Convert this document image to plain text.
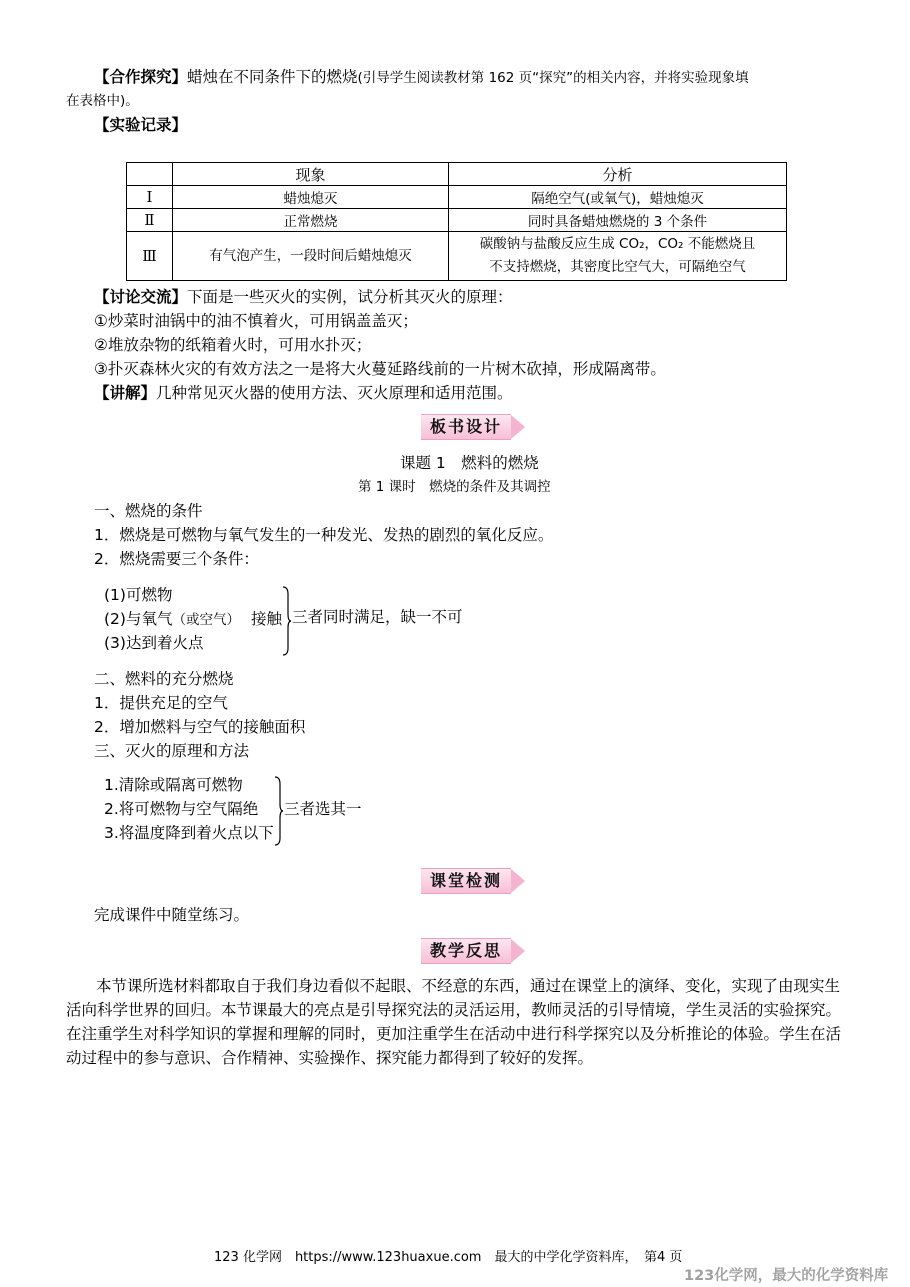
【合作探究】蜡烛在不同条件下的燃烧(引导学生阅读教材第 162 页“探究”的相关内容，并将实验现象填
在表格中)。
【实验记录】
	现象	分析
Ⅰ	蜡烛熄灭	隔绝空气(或氧气)，蜡烛熄灭
Ⅱ	正常燃烧	同时具备蜡烛燃烧的 3 个条件
Ⅲ	有气泡产生，一段时间后蜡烛熄灭	碳酸钠与盐酸反应生成 CO₂，CO₂ 不能燃烧且
不支持燃烧，其密度比空气大，可隔绝空气
【讨论交流】下面是一些灭火的实例，试分析其灭火的原理：
①炒菜时油锅中的油不慎着火，可用锅盖盖灭；
②堆放杂物的纸箱着火时，可用水扑灭；
③扑灭森林火灾的有效方法之一是将大火蔓延路线前的一片树木砍掉，形成隔离带。
【讲解】几种常见灭火器的使用方法、灭火原理和适用范围。
板书设计
课题 1　燃料的燃烧
第 1 课时　燃烧的条件及其调控
一、燃烧的条件
1．燃烧是可燃物与氧气发生的一种发光、发热的剧烈的氧化反应。
2．燃烧需要三个条件：
(1)可燃物
(2)与氧气（或空气） 接触
(3)达到着火点
三者同时满足，缺一不可
二、燃料的充分燃烧
1．提供充足的空气
2．增加燃料与空气的接触面积
三、灭火的原理和方法
1.清除或隔离可燃物
2.将可燃物与空气隔绝
3.将温度降到着火点以下
三者选其一
课堂检测
完成课件中随堂练习。
教学反思
本节课所选材料都取自于我们身边看似不起眼、不经意的东西，通过在课堂上的演绎、变化，实现了由现实生活向科学世界的回归。本节课最大的亮点是引导探究法的灵活运用，教师灵活的引导情境，学生灵活的实验探究。在注重学生对科学知识的掌握和理解的同时，更加注重学生在活动中进行科学探究以及分析推论的体验。学生在活动过程中的参与意识、合作精神、实验操作、探究能力都得到了较好的发挥。
123 化学网　https://www.123huaxue.com　最大的中学化学资料库，　第4 页
123化学网，最大的化学资料库
